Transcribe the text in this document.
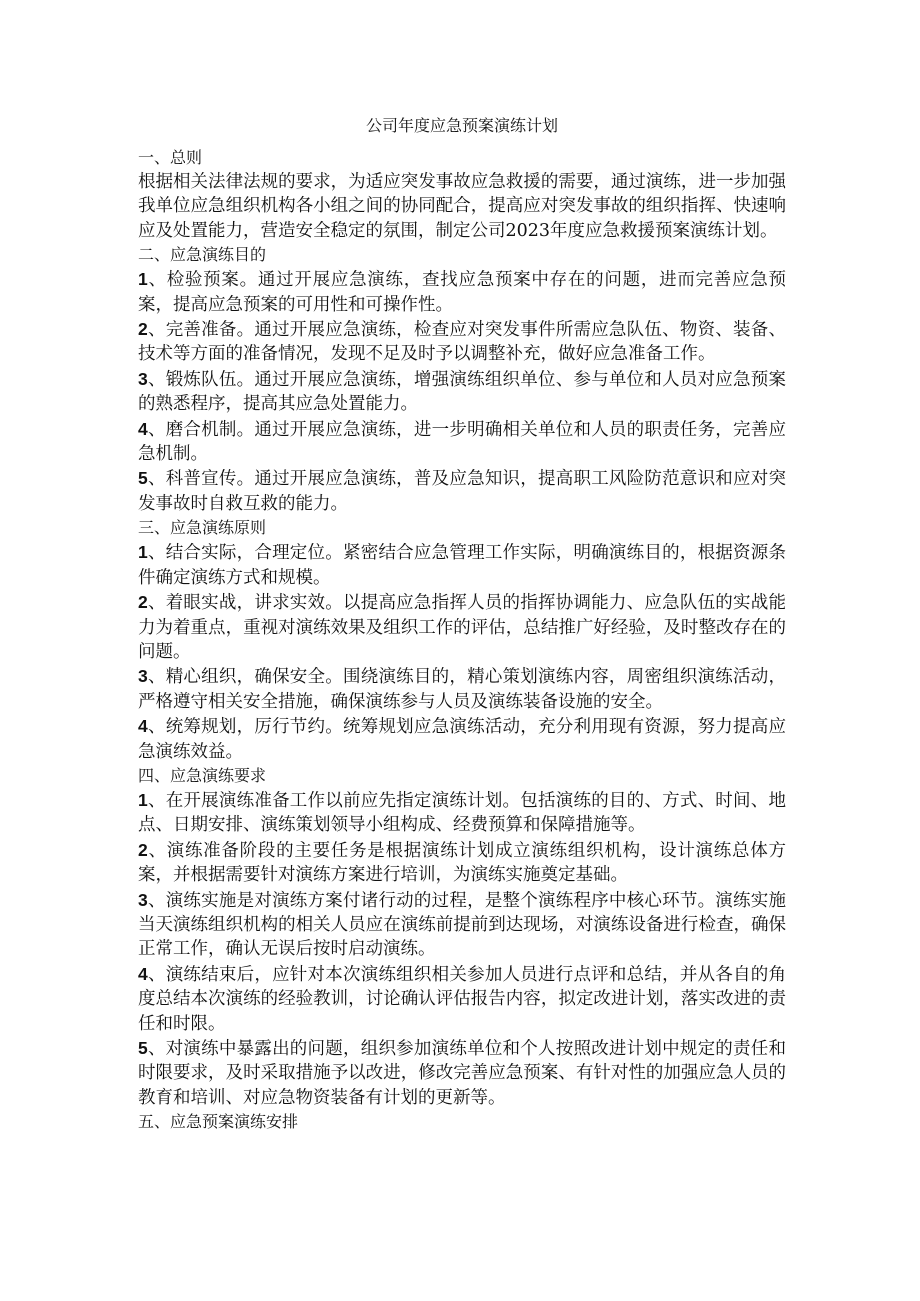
公司年度应急预案演练计划

一、总则

根据相关法律法规的要求，为适应突发事故应急救援的需要，通过演练，进一步加强我单位应急组织机构各小组之间的协同配合，提高应对突发事故的组织指挥、快速响应及处置能力，营造安全稳定的氛围，制定公司2023年度应急救援预案演练计划。

二、应急演练目的

1、检验预案。通过开展应急演练，查找应急预案中存在的问题，进而完善应急预案，提高应急预案的可用性和可操作性。

2、完善准备。通过开展应急演练，检查应对突发事件所需应急队伍、物资、装备、技术等方面的准备情况，发现不足及时予以调整补充，做好应急准备工作。

3、锻炼队伍。通过开展应急演练，增强演练组织单位、参与单位和人员对应急预案的熟悉程序，提高其应急处置能力。

4、磨合机制。通过开展应急演练，进一步明确相关单位和人员的职责任务，完善应急机制。

5、科普宣传。通过开展应急演练，普及应急知识，提高职工风险防范意识和应对突发事故时自救互救的能力。

三、应急演练原则

1、结合实际，合理定位。紧密结合应急管理工作实际，明确演练目的，根据资源条件确定演练方式和规模。

2、着眼实战，讲求实效。以提高应急指挥人员的指挥协调能力、应急队伍的实战能力为着重点，重视对演练效果及组织工作的评估，总结推广好经验，及时整改存在的问题。

3、精心组织，确保安全。围绕演练目的，精心策划演练内容，周密组织演练活动，严格遵守相关安全措施，确保演练参与人员及演练装备设施的安全。

4、统筹规划，厉行节约。统筹规划应急演练活动，充分利用现有资源，努力提高应急演练效益。

四、应急演练要求

1、在开展演练准备工作以前应先指定演练计划。包括演练的目的、方式、时间、地点、日期安排、演练策划领导小组构成、经费预算和保障措施等。

2、演练准备阶段的主要任务是根据演练计划成立演练组织机构，设计演练总体方案，并根据需要针对演练方案进行培训，为演练实施奠定基础。

3、演练实施是对演练方案付诸行动的过程，是整个演练程序中核心环节。演练实施当天演练组织机构的相关人员应在演练前提前到达现场，对演练设备进行检查，确保正常工作，确认无误后按时启动演练。

4、演练结束后，应针对本次演练组织相关参加人员进行点评和总结，并从各自的角度总结本次演练的经验教训，讨论确认评估报告内容，拟定改进计划，落实改进的责任和时限。

5、对演练中暴露出的问题，组织参加演练单位和个人按照改进计划中规定的责任和时限要求，及时采取措施予以改进，修改完善应急预案、有针对性的加强应急人员的教育和培训、对应急物资装备有计划的更新等。

五、应急预案演练安排
